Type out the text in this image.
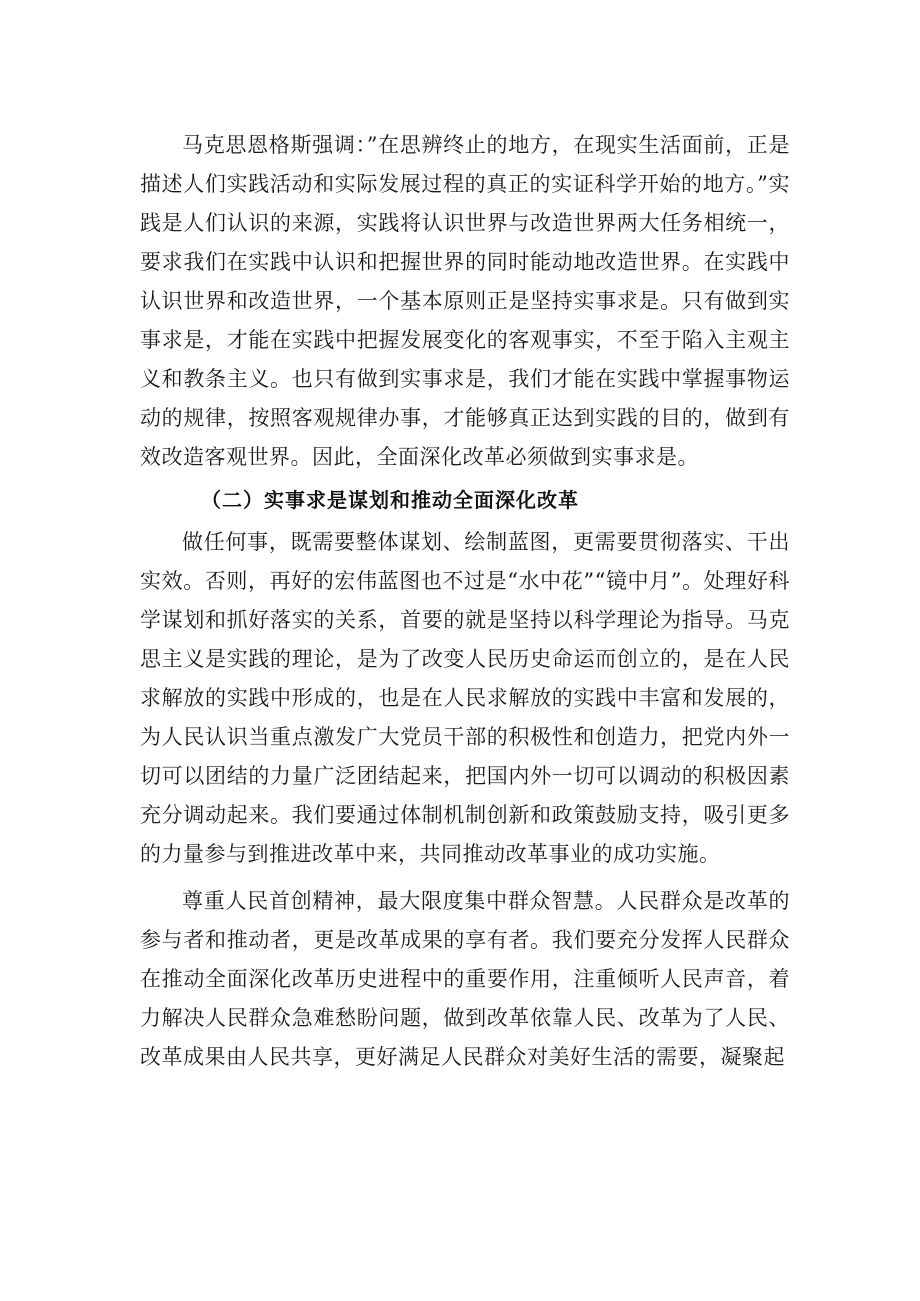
马克思恩格斯强调：”在思辨终止的地方，在现实生活面前，正是描述人们实践活动和实际发展过程的真正的实证科学开始的地方。”实践是人们认识的来源，实践将认识世界与改造世界两大任务相统一，要求我们在实践中认识和把握世界的同时能动地改造世界。在实践中认识世界和改造世界，一个基本原则正是坚持实事求是。只有做到实事求是，才能在实践中把握发展变化的客观事实，不至于陷入主观主义和教条主义。也只有做到实事求是，我们才能在实践中掌握事物运动的规律，按照客观规律办事，才能够真正达到实践的目的，做到有效改造客观世界。因此，全面深化改革必须做到实事求是。

（二）实事求是谋划和推动全面深化改革

做任何事，既需要整体谋划、绘制蓝图，更需要贯彻落实、干出实效。否则，再好的宏伟蓝图也不过是“水中花”“镜中月”。处理好科学谋划和抓好落实的关系，首要的就是坚持以科学理论为指导。马克思主义是实践的理论，是为了改变人民历史命运而创立的，是在人民求解放的实践中形成的，也是在人民求解放的实践中丰富和发展的，为人民认识当重点激发广大党员干部的积极性和创造力，把党内外一切可以团结的力量广泛团结起来，把国内外一切可以调动的积极因素充分调动起来。我们要通过体制机制创新和政策鼓励支持，吸引更多的力量参与到推进改革中来，共同推动改革事业的成功实施。

尊重人民首创精神，最大限度集中群众智慧。人民群众是改革的参与者和推动者，更是改革成果的享有者。我们要充分发挥人民群众在推动全面深化改革历史进程中的重要作用，注重倾听人民声音，着力解决人民群众急难愁盼问题，做到改革依靠人民、改革为了人民、改革成果由人民共享，更好满足人民群众对美好生活的需要，凝聚起
